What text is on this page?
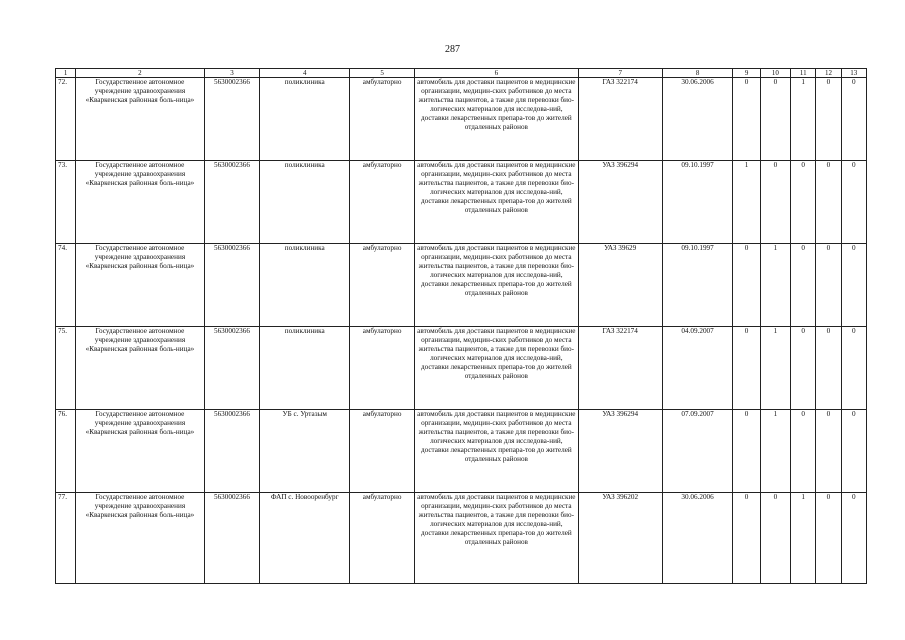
287
1	2	3	4	5	6	7	8	9	10	11	12	13
72.	Государственное автономное учреждение здравоохранения «Кваркенская районная боль-ница»	5630002366	поликлиника	амбулаторно	автомобиль для доставки пациентов в медицинские организации, медицин-ских работников до места жительства пациентов, а также для перевозки био-логических материалов для исследова-ний, доставки лекарственных препара-тов до жителей отдаленных районов	ГАЗ 322174	30.06.2006	0	0	1	0	0
73.	Государственное автономное учреждение здравоохранения «Кваркенская районная боль-ница»	5630002366	поликлиника	амбулаторно	автомобиль для доставки пациентов в медицинские организации, медицин-ских работников до места жительства пациентов, а также для перевозки био-логических материалов для исследова-ний, доставки лекарственных препара-тов до жителей отдаленных районов	УАЗ 396294	09.10.1997	1	0	0	0	0
74.	Государственное автономное учреждение здравоохранения «Кваркенская районная боль-ница»	5630002366	поликлиника	амбулаторно	автомобиль для доставки пациентов в медицинские организации, медицин-ских работников до места жительства пациентов, а также для перевозки био-логических материалов для исследова-ний, доставки лекарственных препара-тов до жителей отдаленных районов	УАЗ 39629	09.10.1997	0	1	0	0	0
75.	Государственное автономное учреждение здравоохранения «Кваркенская районная боль-ница»	5630002366	поликлиника	амбулаторно	автомобиль для доставки пациентов в медицинские организации, медицин-ских работников до места жительства пациентов, а также для перевозки био-логических материалов для исследова-ний, доставки лекарственных препара-тов до жителей отдаленных районов	ГАЗ 322174	04.09.2007	0	1	0	0	0
76.	Государственное автономное учреждение здравоохранения «Кваркенская районная боль-ница»	5630002366	УБ с. Уртазым	амбулаторно	автомобиль для доставки пациентов в медицинские организации, медицин-ских работников до места жительства пациентов, а также для перевозки био-логических материалов для исследова-ний, доставки лекарственных препара-тов до жителей отдаленных районов	УАЗ 396294	07.09.2007	0	1	0	0	0
77.	Государственное автономное учреждение здравоохранения «Кваркенская районная боль-ница»	5630002366	ФАП с. Новооренбург	амбулаторно	автомобиль для доставки пациентов в медицинские организации, медицин-ских работников до места жительства пациентов, а также для перевозки био-логических материалов для исследова-ний, доставки лекарственных препара-тов до жителей отдаленных районов	УАЗ 396202	30.06.2006	0	0	1	0	0
